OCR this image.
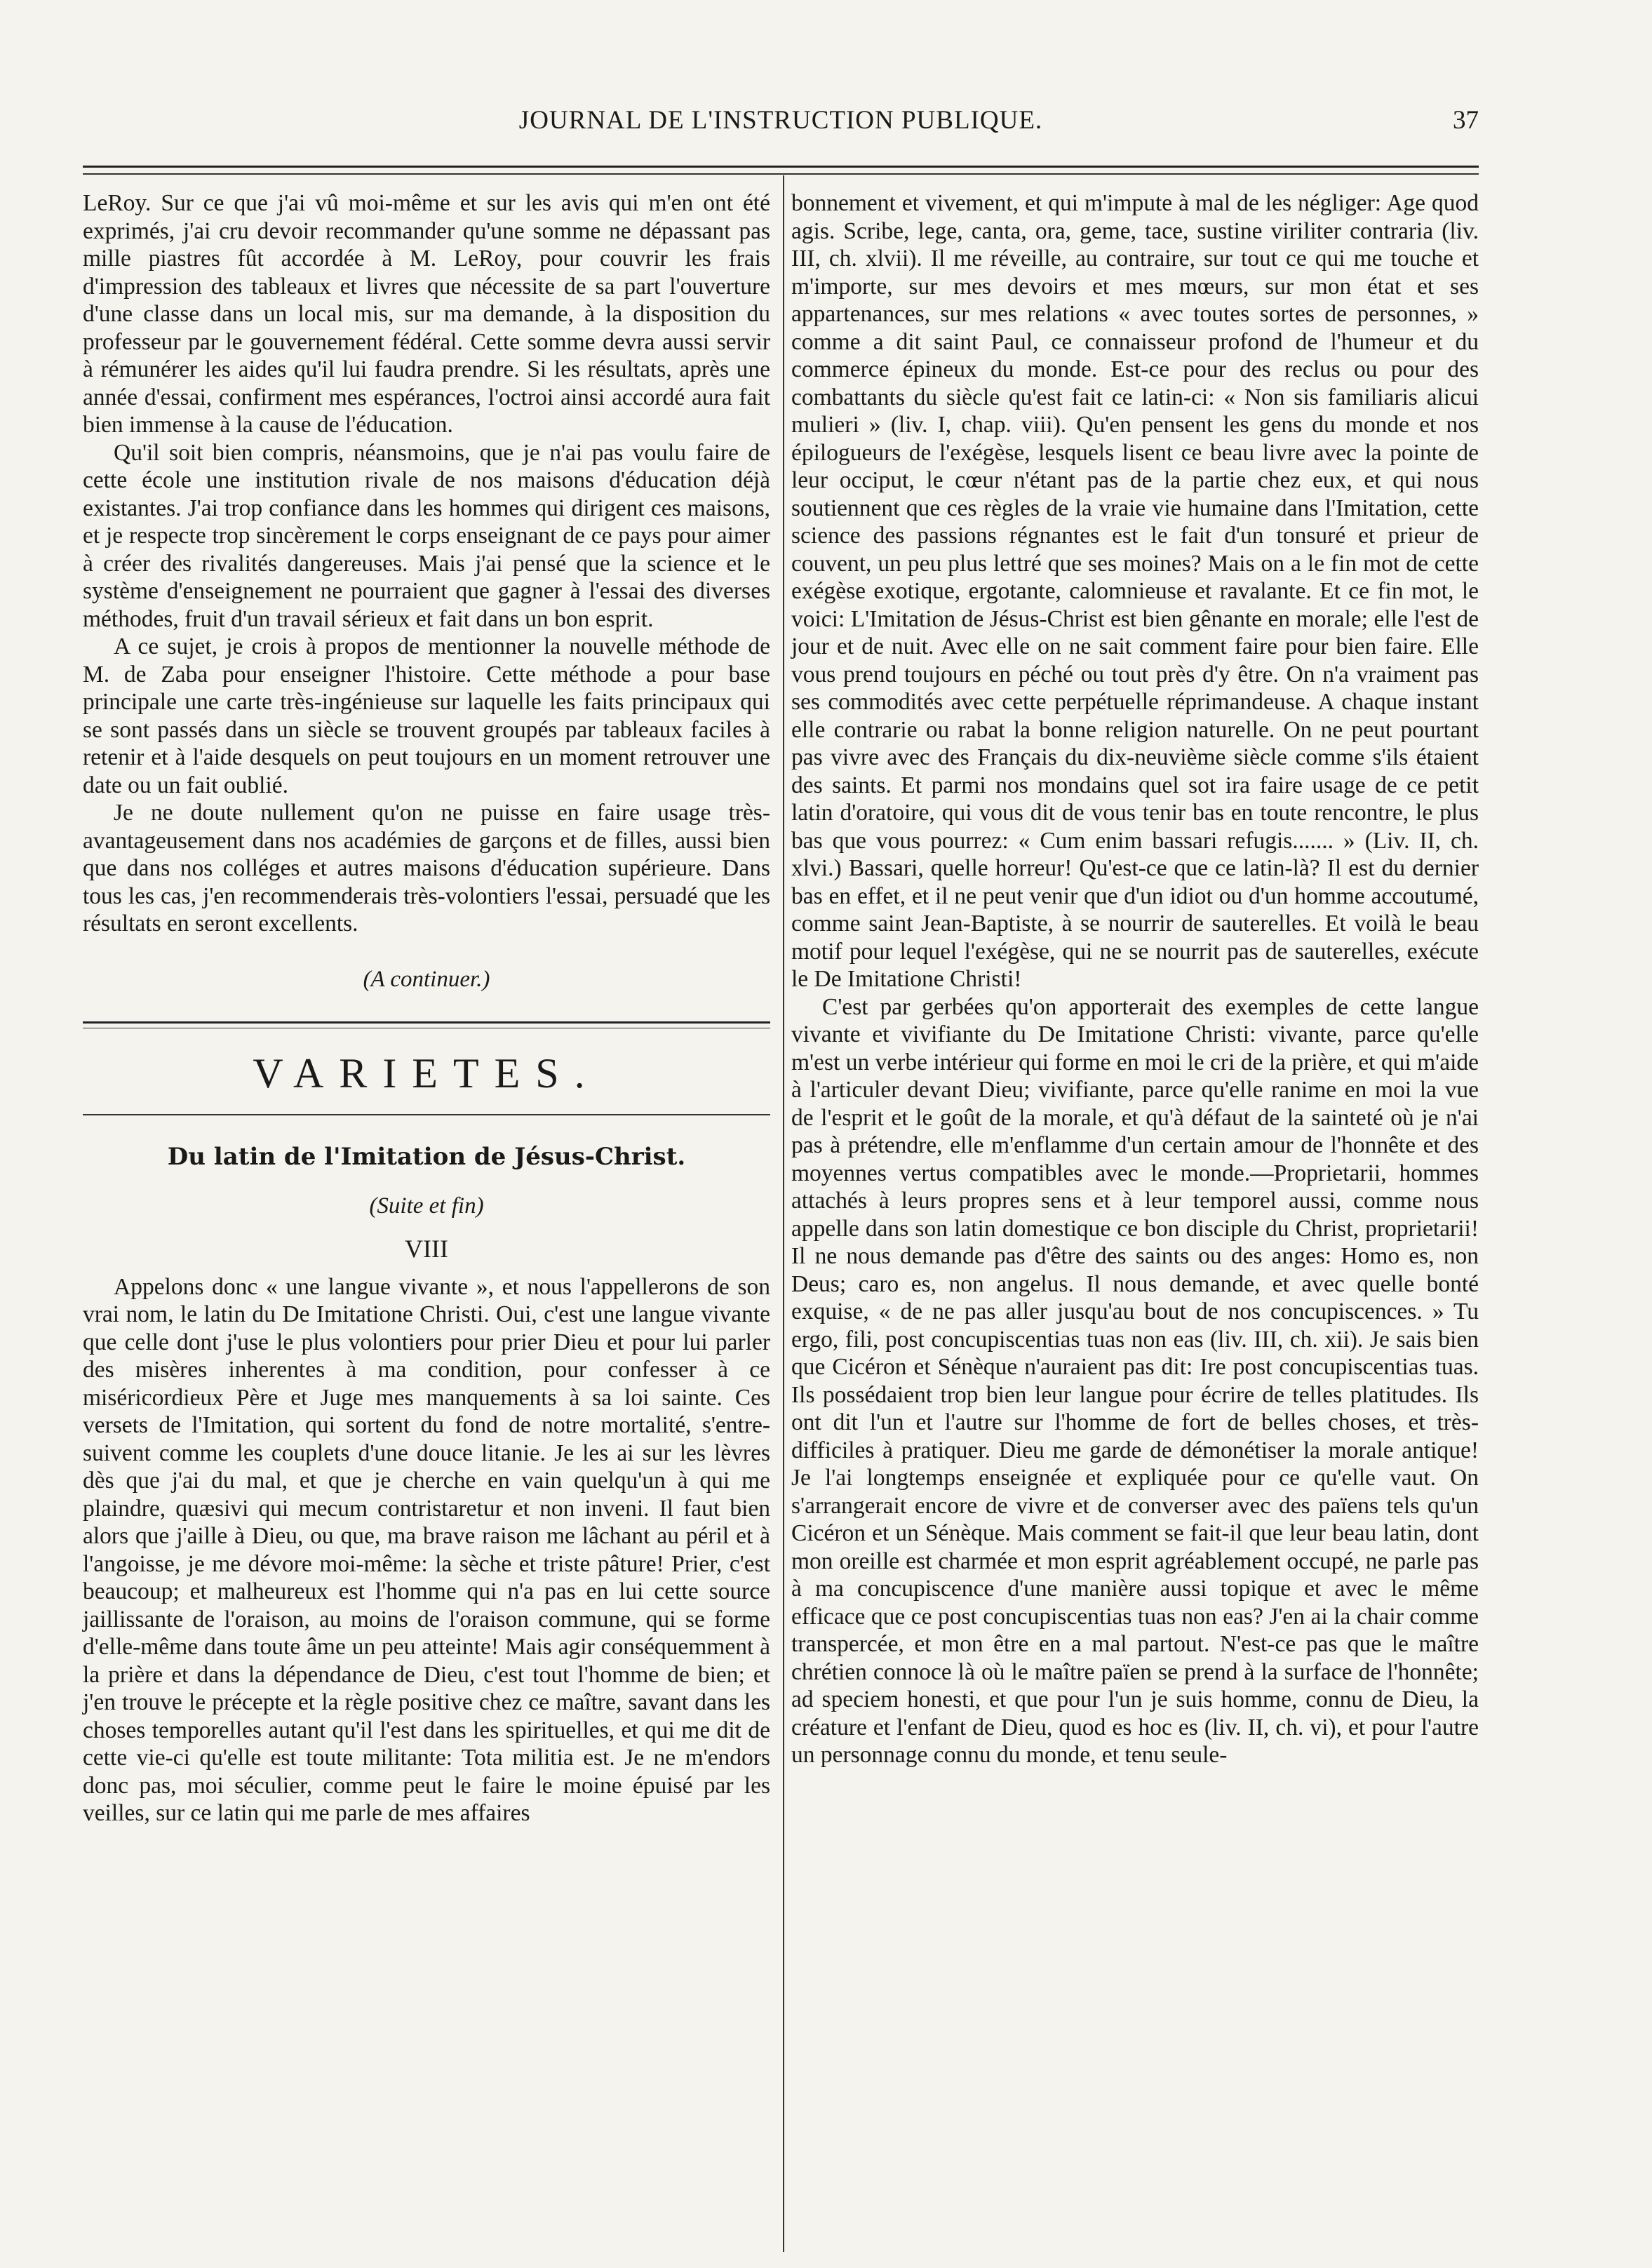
JOURNAL DE L'INSTRUCTION PUBLIQUE.	37

LeRoy. Sur ce que j'ai vû moi-même et sur les avis qui m'en ont été exprimés, j'ai cru devoir recommander qu'une somme ne dépassant pas mille piastres fût accordée à M. LeRoy, pour couvrir les frais d'impression des tableaux et livres que nécessite de sa part l'ouverture d'une classe dans un local mis, sur ma demande, à la disposition du professeur par le gouvernement fédéral. Cette somme devra aussi servir à rémunérer les aides qu'il lui faudra prendre. Si les résultats, après une année d'essai, confirment mes espérances, l'octroi ainsi accordé aura fait bien immense à la cause de l'éducation.

Qu'il soit bien compris, néansmoins, que je n'ai pas voulu faire de cette école une institution rivale de nos maisons d'éducation déjà existantes. J'ai trop confiance dans les hommes qui dirigent ces maisons, et je respecte trop sincèrement le corps enseignant de ce pays pour aimer à créer des rivalités dangereuses. Mais j'ai pensé que la science et le système d'enseignement ne pourraient que gagner à l'essai des diverses méthodes, fruit d'un travail sérieux et fait dans un bon esprit.

A ce sujet, je crois à propos de mentionner la nouvelle méthode de M. de Zaba pour enseigner l'histoire. Cette méthode a pour base principale une carte très-ingénieuse sur laquelle les faits principaux qui se sont passés dans un siècle se trouvent groupés par tableaux faciles à retenir et à l'aide desquels on peut toujours en un moment retrouver une date ou un fait oublié.

Je ne doute nullement qu'on ne puisse en faire usage très-avantageusement dans nos académies de garçons et de filles, aussi bien que dans nos colléges et autres maisons d'éducation supérieure. Dans tous les cas, j'en recommenderais très-volontiers l'essai, persuadé que les résultats en seront excellents.

(A continuer.)
VARIETES.
Du latin de l'Imitation de Jésus-Christ.
(Suite et fin)
VIII

Appelons donc « une langue vivante », et nous l'appellerons de son vrai nom, le latin du De Imitatione Christi. Oui, c'est une langue vivante que celle dont j'use le plus volontiers pour prier Dieu et pour lui parler des misères inherentes à ma condition, pour confesser à ce miséricordieux Père et Juge mes manquements à sa loi sainte. Ces versets de l'Imitation, qui sortent du fond de notre mortalité, s'entre-suivent comme les couplets d'une douce litanie. Je les ai sur les lèvres dès que j'ai du mal, et que je cherche en vain quelqu'un à qui me plaindre, quæsivi qui mecum contristaretur et non inveni. Il faut bien alors que j'aille à Dieu, ou que, ma brave raison me lâchant au péril et à l'angoisse, je me dévore moi-même: la sèche et triste pâture! Prier, c'est beaucoup; et malheureux est l'homme qui n'a pas en lui cette source jaillissante de l'oraison, au moins de l'oraison commune, qui se forme d'elle-même dans toute âme un peu atteinte! Mais agir conséquemment à la prière et dans la dépendance de Dieu, c'est tout l'homme de bien; et j'en trouve le précepte et la règle positive chez ce maître, savant dans les choses temporelles autant qu'il l'est dans les spirituelles, et qui me dit de cette vie-ci qu'elle est toute militante: Tota militia est. Je ne m'endors donc pas, moi séculier, comme peut le faire le moine épuisé par les veilles, sur ce latin qui me parle de mes affaires

bonnement et vivement, et qui m'impute à mal de les négliger: Age quod agis. Scribe, lege, canta, ora, geme, tace, sustine viriliter contraria (liv. III, ch. xlvii). Il me réveille, au contraire, sur tout ce qui me touche et m'importe, sur mes devoirs et mes mœurs, sur mon état et ses appartenances, sur mes relations « avec toutes sortes de personnes, » comme a dit saint Paul, ce connaisseur profond de l'humeur et du commerce épineux du monde. Est-ce pour des reclus ou pour des combattants du siècle qu'est fait ce latin-ci: « Non sis familiaris alicui mulieri » (liv. I, chap. viii). Qu'en pensent les gens du monde et nos épilogueurs de l'exégèse, lesquels lisent ce beau livre avec la pointe de leur occiput, le cœur n'étant pas de la partie chez eux, et qui nous soutiennent que ces règles de la vraie vie humaine dans l'Imitation, cette science des passions régnantes est le fait d'un tonsuré et prieur de couvent, un peu plus lettré que ses moines? Mais on a le fin mot de cette exégèse exotique, ergotante, calomnieuse et ravalante. Et ce fin mot, le voici: L'Imitation de Jésus-Christ est bien gênante en morale; elle l'est de jour et de nuit. Avec elle on ne sait comment faire pour bien faire. Elle vous prend toujours en péché ou tout près d'y être. On n'a vraiment pas ses commodités avec cette perpétuelle réprimandeuse. A chaque instant elle contrarie ou rabat la bonne religion naturelle. On ne peut pourtant pas vivre avec des Français du dix-neuvième siècle comme s'ils étaient des saints. Et parmi nos mondains quel sot ira faire usage de ce petit latin d'oratoire, qui vous dit de vous tenir bas en toute rencontre, le plus bas que vous pourrez: « Cum enim bassari refugis....... » (Liv. II, ch. xlvi.) Bassari, quelle horreur! Qu'est-ce que ce latin-là? Il est du dernier bas en effet, et il ne peut venir que d'un idiot ou d'un homme accoutumé, comme saint Jean-Baptiste, à se nourrir de sauterelles. Et voilà le beau motif pour lequel l'exégèse, qui ne se nourrit pas de sauterelles, exécute le De Imitatione Christi!

C'est par gerbées qu'on apporterait des exemples de cette langue vivante et vivifiante du De Imitatione Christi: vivante, parce qu'elle m'est un verbe intérieur qui forme en moi le cri de la prière, et qui m'aide à l'articuler devant Dieu; vivifiante, parce qu'elle ranime en moi la vue de l'esprit et le goût de la morale, et qu'à défaut de la sainteté où je n'ai pas à prétendre, elle m'enflamme d'un certain amour de l'honnête et des moyennes vertus compatibles avec le monde.—Proprietarii, hommes attachés à leurs propres sens et à leur temporel aussi, comme nous appelle dans son latin domestique ce bon disciple du Christ, proprietarii! Il ne nous demande pas d'être des saints ou des anges: Homo es, non Deus; caro es, non angelus. Il nous demande, et avec quelle bonté exquise, « de ne pas aller jusqu'au bout de nos concupiscences. » Tu ergo, fili, post concupiscentias tuas non eas (liv. III, ch. xii). Je sais bien que Cicéron et Sénèque n'auraient pas dit: Ire post concupiscentias tuas. Ils possédaient trop bien leur langue pour écrire de telles platitudes. Ils ont dit l'un et l'autre sur l'homme de fort de belles choses, et très-difficiles à pratiquer. Dieu me garde de démonétiser la morale antique! Je l'ai longtemps enseignée et expliquée pour ce qu'elle vaut. On s'arrangerait encore de vivre et de converser avec des païens tels qu'un Cicéron et un Sénèque. Mais comment se fait-il que leur beau latin, dont mon oreille est charmée et mon esprit agréablement occupé, ne parle pas à ma concupiscence d'une manière aussi topique et avec le même efficace que ce post concupiscentias tuas non eas? J'en ai la chair comme transpercée, et mon être en a mal partout. N'est-ce pas que le maître chrétien connoce là où le maître païen se prend à la surface de l'honnête; ad speciem honesti, et que pour l'un je suis homme, connu de Dieu, la créature et l'enfant de Dieu, quod es hoc es (liv. II, ch. vi), et pour l'autre un personnage connu du monde, et tenu seule-
